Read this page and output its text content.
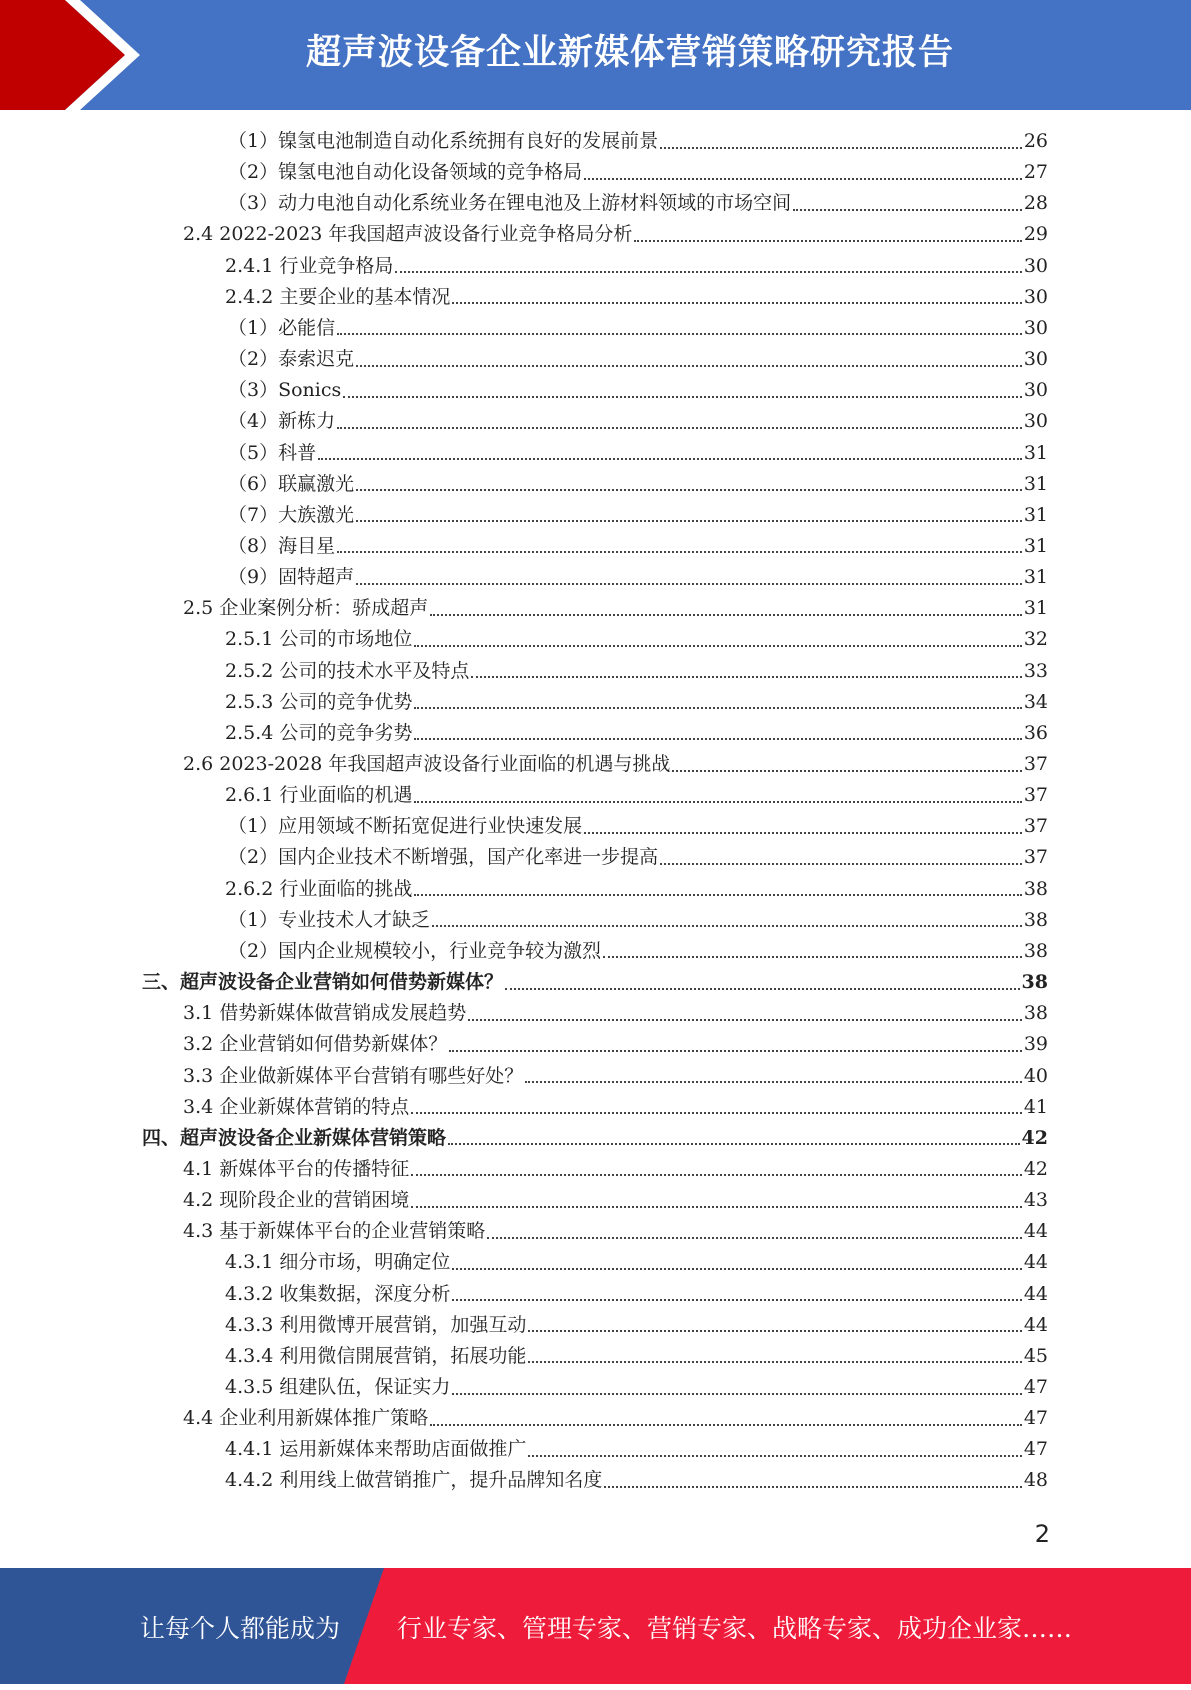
超声波设备企业新媒体营销策略研究报告
（1）镍氢电池制造自动化系统拥有良好的发展前景	26
（2）镍氢电池自动化设备领域的竞争格局	27
（3）动力电池自动化系统业务在锂电池及上游材料领域的市场空间	28
2.4 2022-2023 年我国超声波设备行业竞争格局分析	29
2.4.1 行业竞争格局	30
2.4.2 主要企业的基本情况	30
（1）必能信	30
（2）泰索迟克	30
（3）Sonics	30
（4）新栋力	30
（5）科普	31
（6）联赢激光	31
（7）大族激光	31
（8）海目星	31
（9）固特超声	31
2.5 企业案例分析：骄成超声	31
2.5.1 公司的市场地位	32
2.5.2 公司的技术水平及特点	33
2.5.3 公司的竞争优势	34
2.5.4 公司的竞争劣势	36
2.6 2023-2028 年我国超声波设备行业面临的机遇与挑战	37
2.6.1 行业面临的机遇	37
（1）应用领域不断拓宽促进行业快速发展	37
（2）国内企业技术不断增强，国产化率进一步提高	37
2.6.2 行业面临的挑战	38
（1）专业技术人才缺乏	38
（2）国内企业规模较小，行业竞争较为激烈	38
三、超声波设备企业营销如何借势新媒体？	38
3.1 借势新媒体做营销成发展趋势	38
3.2 企业营销如何借势新媒体？	39
3.3 企业做新媒体平台营销有哪些好处？	40
3.4 企业新媒体营销的特点	41
四、超声波设备企业新媒体营销策略	42
4.1 新媒体平台的传播特征	42
4.2 现阶段企业的营销困境	43
4.3 基于新媒体平台的企业营销策略	44
4.3.1 细分市场，明确定位	44
4.3.2 收集数据，深度分析	44
4.3.3 利用微博开展营销，加强互动	44
4.3.4 利用微信開展营销，拓展功能	45
4.3.5 组建队伍，保证实力	47
4.4 企业利用新媒体推广策略	47
4.4.1 运用新媒体来帮助店面做推广	47
4.4.2 利用线上做营销推广，提升品牌知名度	48
2
让每个人都能成为 行业专家、管理专家、营销专家、战略专家、成功企业家……
